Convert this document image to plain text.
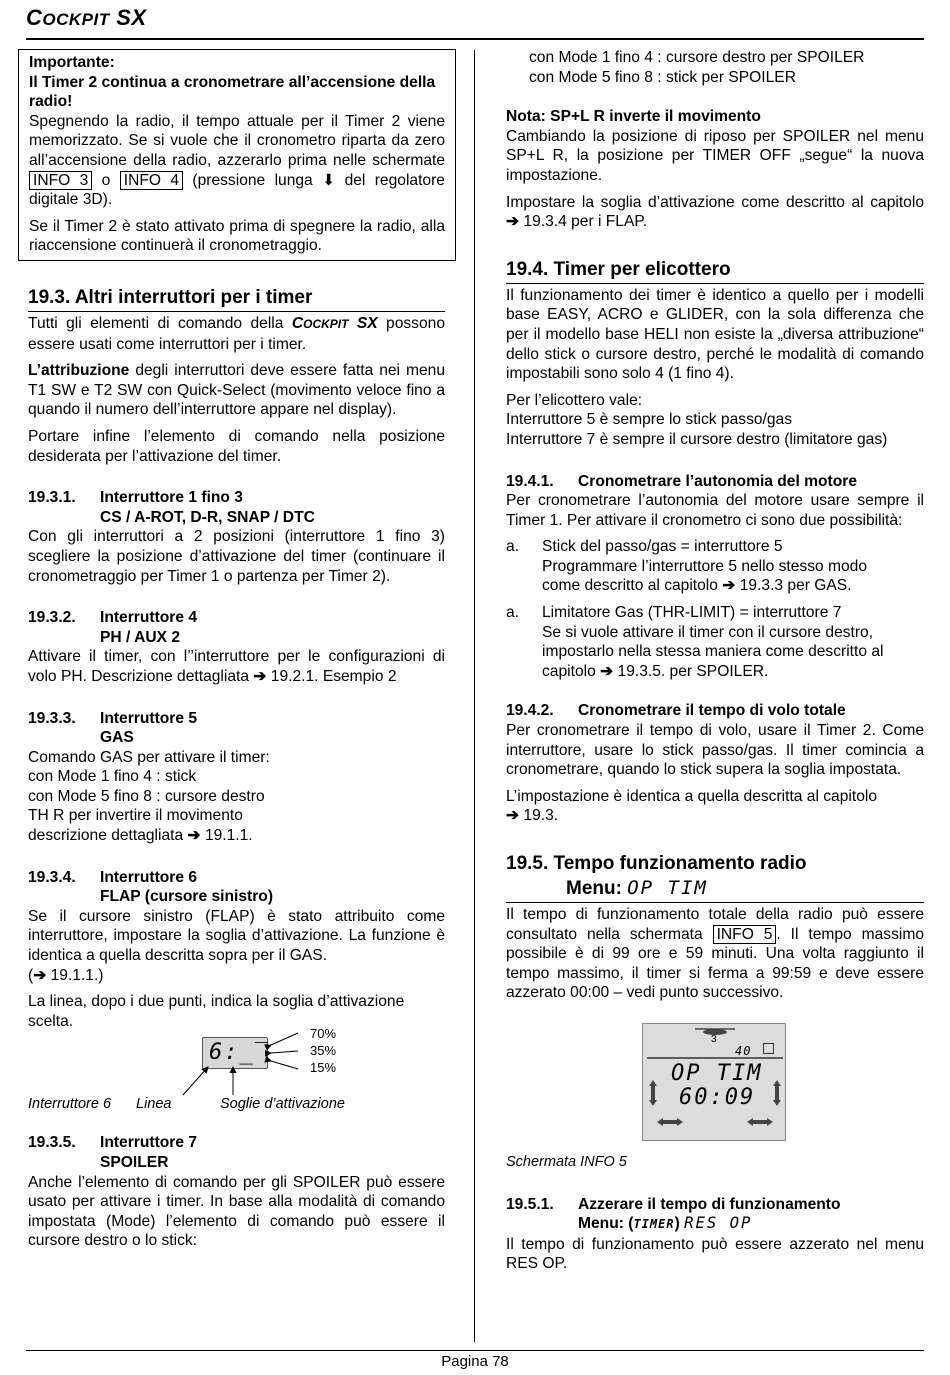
COCKPIT SX
Importante:
Il Timer 2 continua a cronometrare all’accensione della radio!

Spegnendo la radio, il tempo attuale per il Timer 2 viene memorizzato. Se si vuole che il cronometro riparta da zero all’accensione della radio, azzerarlo prima nelle schermate INFO 3 o INFO 4 (pressione lunga ⬇ del regolatore digitale 3D).

Se il Timer 2 è stato attivato prima di spegnere la radio, alla riaccensione continuerà il cronometraggio.

19.3. Altri interruttori per i timer

Tutti gli elementi di comando della COCKPIT SX possono essere usati come interruttori per i timer.

L’attribuzione degli interruttori deve essere fatta nei menu T1 SW e T2 SW con Quick-Select (movimento veloce fino a quando il numero dell’interruttore appare nel display).

Portare infine l’elemento di comando nella posizione desiderata per l’attivazione del timer.

19.3.1.	Interruttore 1 fino 3
CS / A-ROT, D-R, SNAP / DTC

Con gli interruttori a 2 posizioni (interruttore 1 fino 3) scegliere la posizione d’attivazione del timer (continuare il cronometraggio per Timer 1 o partenza per Timer 2).

19.3.2.	Interruttore 4
PH / AUX 2

Attivare il timer, con l’’interruttore per le configurazioni di volo PH. Descrizione dettagliata ➔ 19.2.1. Esempio 2

19.3.3.	Interruttore 5
GAS
Comando GAS per attivare il timer:
con Mode 1 fino 4 : stick
con Mode 5 fino 8 : cursore destro
TH R per invertire il movimento
descrizione dettagliata ➔ 19.1.1.
19.3.4.	Interruttore 6
FLAP (cursore sinistro)

Se il cursore sinistro (FLAP) è stato attribuito come interruttore, impostare la soglia d’attivazione. La funzione è identica a quella descritta sopra per il GAS.
(➔ 19.1.1.)

La linea, dopo i due punti, indica la soglia d’attivazione scelta.

6:_‾
70%
35%
15%
Interruttore 6 Linea	Soglie d’attivazione
19.3.5.	Interruttore 7
SPOILER

Anche l’elemento di comando per gli SPOILER può essere usato per attivare i timer. In base alla modalità di comando impostata (Mode) l’elemento di comando può essere il cursore destro o lo stick:

con Mode 1 fino 4 : cursore destro per SPOILER
con Mode 5 fino 8 : stick per SPOILER
Nota: SP+L R inverte il movimento

Cambiando la posizione di riposo per SPOILER nel menu SP+L R, la posizione per TIMER OFF „segue“ la nuova impostazione.

Impostare la soglia d’attivazione come descritto al capitolo ➔ 19.3.4 per i FLAP.

19.4. Timer per elicottero

Il funzionamento dei timer è identico a quello per i modelli base EASY, ACRO e GLIDER, con la sola differenza che per il modello base HELI non esiste la „diversa attribuzione“ dello stick o cursore destro, perché le modalità di comando impostabili sono solo 4 (1 fino 4).

Per l’elicottero vale:
Interruttore 5 è sempre lo stick passo/gas
Interruttore 7 è sempre il cursore destro (limitatore gas)
19.4.1.	Cronometrare l’autonomia del motore

Per cronometrare l’autonomia del motore usare sempre il Timer 1. Per attivare il cronometro ci sono due possibilità:

a.	Stick del passo/gas = interruttore 5
Programmare l’interruttore 5 nello stesso modo
come descritto al capitolo ➔ 19.3.3 per GAS.
a.	Limitatore Gas (THR-LIMIT) = interruttore 7
Se si vuole attivare il timer con il cursore destro,
impostarlo nella stessa maniera come descritto al
capitolo ➔ 19.3.5. per SPOILER.
19.4.2.	Cronometrare il tempo di volo totale

Per cronometrare il tempo di volo, usare il Timer 2. Come interruttore, usare lo stick passo/gas. Il timer comincia a cronometrare, quando lo stick supera la soglia impostata.

L’impostazione è identica a quella descritta al capitolo
➔ 19.3.

19.5. Tempo funzionamento radio
Menu: OP TIM

Il tempo di funzionamento totale della radio può essere consultato nella schermata INFO 5 . Il tempo massimo possibile è di 99 ore e 59 minuti. Una volta raggiunto il tempo massimo, il timer si ferma a 99:59 e deve essere azzerato 00:00 – vedi punto successivo.

3
40
OP TIM
60:09
Schermata INFO 5
19.5.1.	Azzerare il tempo di funzionamento
Menu: (TIMER) RES OP

Il tempo di funzionamento può essere azzerato nel menu RES OP.

Pagina 78
